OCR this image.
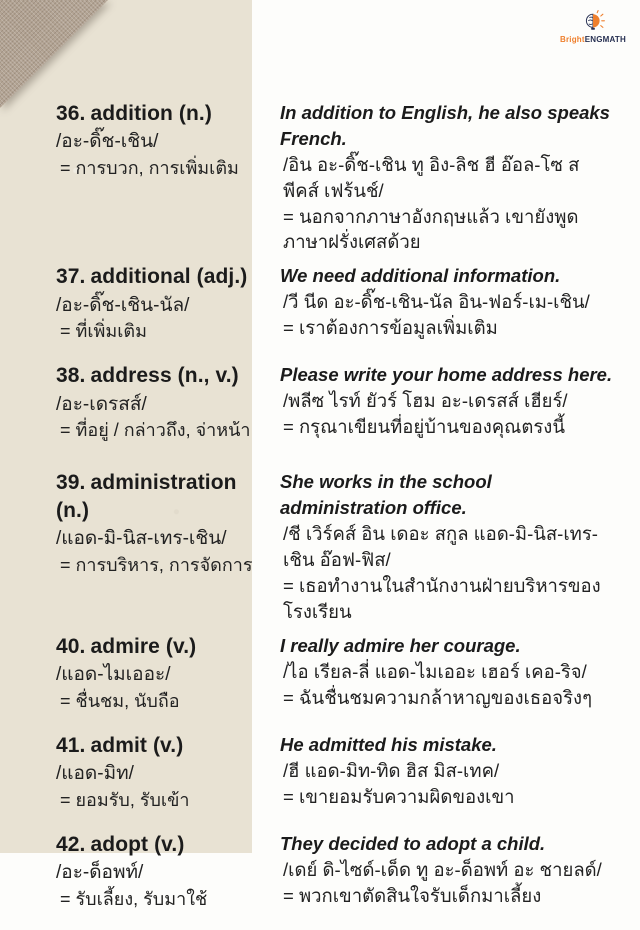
BrightENGMATH
36. addition (n.)
/อะ-ดิ๊ช-เชิน/
= การบวก, การเพิ่มเติม
In addition to English, he also speaks French.
/อิน อะ-ดิ๊ช-เชิน ทู อิง-ลิช ฮี อ๊อล-โซ สพีคส์ เฟร้นช์/
= นอกจากภาษาอังกฤษแล้ว เขายังพูดภาษาฝรั่งเศสด้วย
37. additional (adj.)
/อะ-ดิ๊ช-เชิน-นัล/
= ที่เพิ่มเติม
We need additional information.
/วี นีด อะ-ดิ๊ช-เชิน-นัล อิน-ฟอร์-เม-เชิน/
= เราต้องการข้อมูลเพิ่มเติม
38. address (n., v.)
/อะ-เดรสส์/
= ที่อยู่ / กล่าวถึง, จ่าหน้า
Please write your home address here.
/พลีซ ไรท์ ยัวร์ โฮม อะ-เดรสส์ เฮียร์/
= กรุณาเขียนที่อยู่บ้านของคุณตรงนี้
39. administration (n.)
/แอด-มิ-นิส-เทร-เชิน/
= การบริหาร, การจัดการ
She works in the school administration office.
/ชี เวิร์คส์ อิน เดอะ สกูล แอด-มิ-นิส-เทร-เชิน อ๊อฟ-ฟิส/
= เธอทำงานในสำนักงานฝ่ายบริหารของโรงเรียน
40. admire (v.)
/แอด-ไมเออะ/
= ชื่นชม, นับถือ
I really admire her courage.
/ไอ เรียล-ลี่ แอด-ไมเออะ เฮอร์ เคอ-ริจ/
= ฉันชื่นชมความกล้าหาญของเธอจริงๆ
41. admit (v.)
/แอด-มิท/
= ยอมรับ, รับเข้า
He admitted his mistake.
/ฮี แอด-มิท-ทิด ฮิส มิส-เทค/
= เขายอมรับความผิดของเขา
42. adopt (v.)
/อะ-ด็อพท์/
= รับเลี้ยง, รับมาใช้
They decided to adopt a child.
/เดย์ ดิ-ไซด์-เด็ด ทู อะ-ด็อพท์ อะ ชายลด์/
= พวกเขาตัดสินใจรับเด็กมาเลี้ยง
